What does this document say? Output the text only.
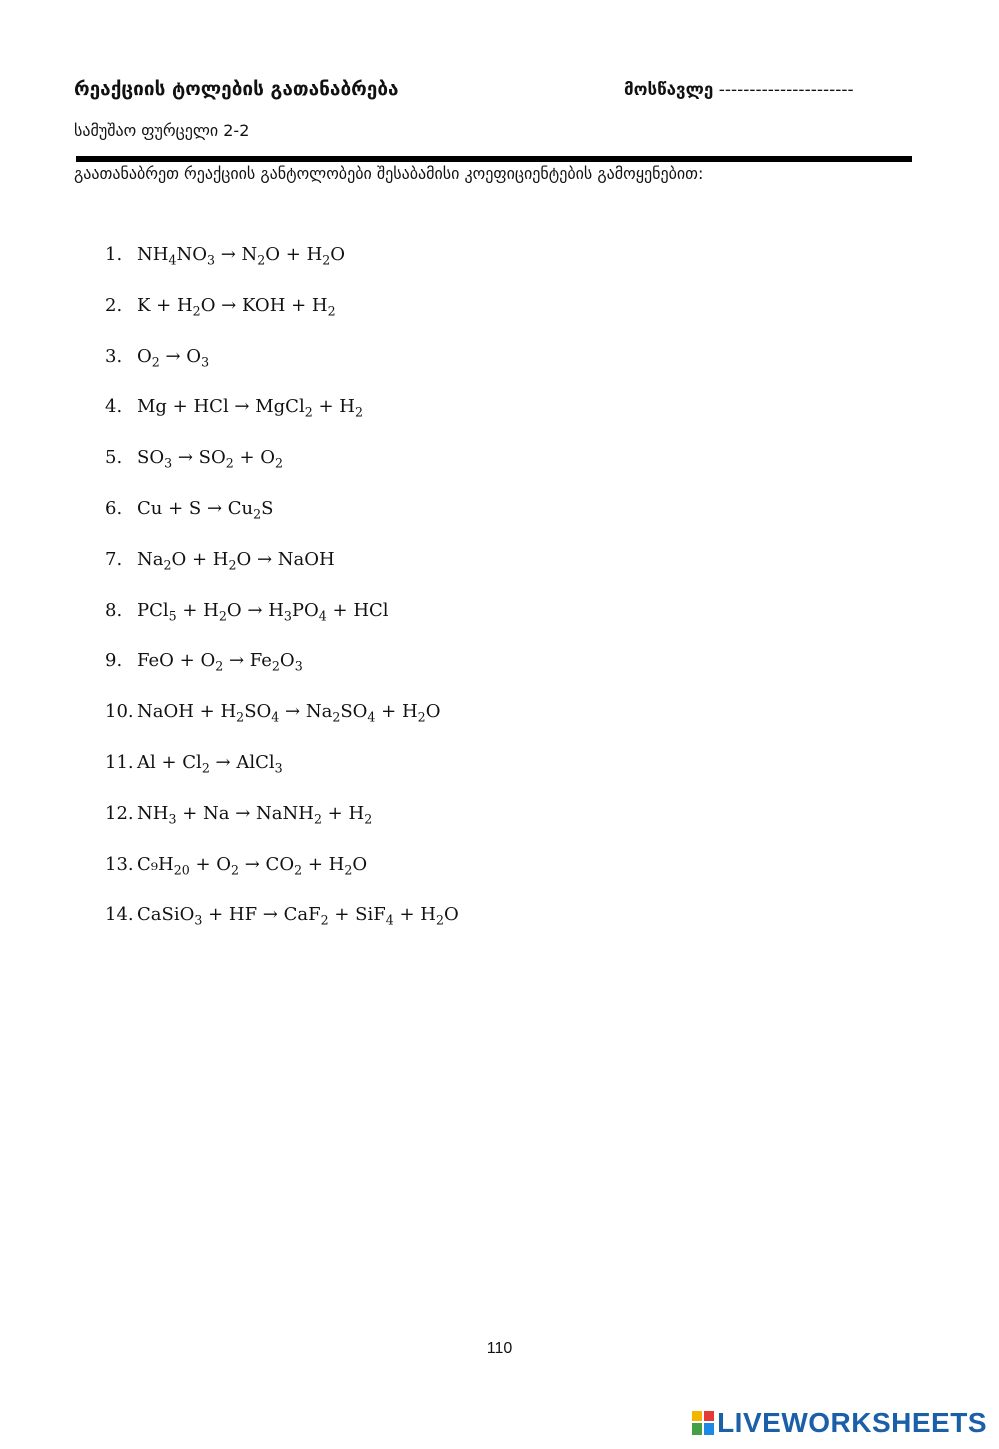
რეაქციის ტოლების გათანაბრება	მოსწავლე ----------------------
სამუშაო ფურცელი 2-2
გაათანაბრეთ რეაქციის განტოლობები შესაბამისი კოეფიციენტების გამოყენებით:
1. $NH_4NO_3 \to N_2O + H_2O$
2. $K + H_2O$ → KOH + $H_2$
3. $O_2 \to O_3$
4. Mg + HCl → MgCl$_2$ + $H_2$
5. $SO_3 \to SO_2 + O_2$
6. $Cu + S \to Cu_2S$
7. $Na_2O + H_2O$ → NaOH
8. $PCl_5 + H_2O \to H_3PO_4$ + HCl
9. FeO + $O_2 \to Fe_2O_3$
10. NaOH + $H_2SO_4 \to Na_2SO_4 + H_2O$
11. $Al + Cl_2$ → AlCl$_3$
12. $NH_3 + Na$ → NaNH$_2$ + $H_2$
13. $C_9H_{20} + O_2 \to CO_2 + H_2O$
14. CaSiO$_3$ + HF → $CaF_2 + SiF_4 + H_2O$
110
LIVEWORKSHEETS
